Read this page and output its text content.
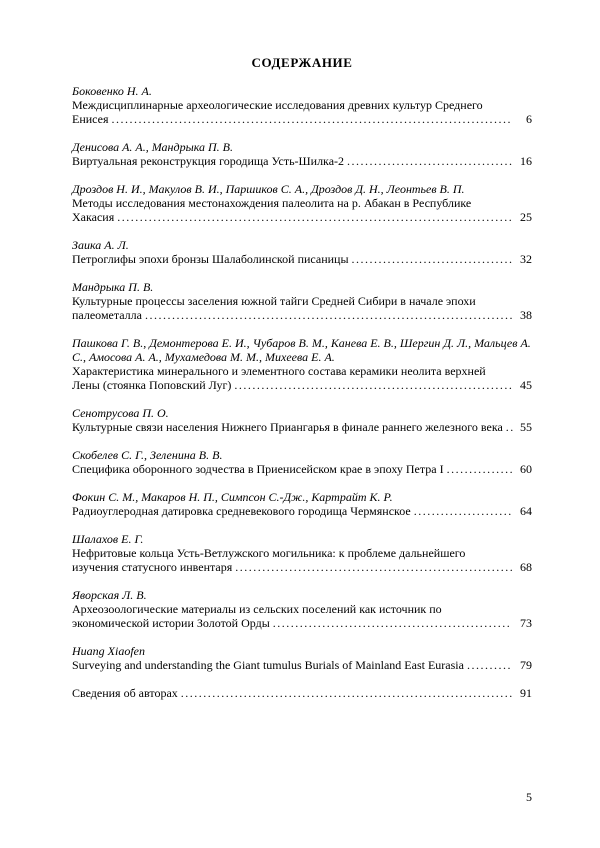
СОДЕРЖАНИЕ

Боковенко Н. А.

Междисциплинарные археологические исследования древних культур Среднего Енисея ......................................................................................... 6

Денисова А. А., Мандрыка П. В.

Виртуальная реконструкция городища Усть-Шилка-2 ..................................... 16

Дроздов Н. И., Макулов В. И., Паршиков С. А., Дроздов Д. Н., Леонтьев В. П.

Методы исследования местонахождения палеолита на р. Абакан в Республике Хакасия ........................................................................................ 25

Заика А. Л.

Петроглифы эпохи бронзы Шалаболинской писаницы .................................... 32

Мандрыка П. В.

Культурные процессы заселения южной тайги Средней Сибири в начале эпохи палеометалла .................................................................................. 38

Пашкова Г. В., Демонтерова Е. И., Чубаров В. М., Канева Е. В., Шергин Д. Л., Мальцев А. С., Амосова А. А., Мухамедова М. М., Михеева Е. А.

Характеристика минерального и элементного состава керамики неолита верхней Лены (стоянка Поповский Луг) .............................................................. 45

Сенотрусова П. О.

Культурные связи населения Нижнего Приангарья в финале раннего железного века .. 55

Скобелев С. Г., Зеленина В. В.

Специфика оборонного зодчества в Приенисейском крае в эпоху Петра I ............... 60

Фокин С. М., Макаров Н. П., Симпсон С.-Дж., Картрайт К. Р.

Радиоуглеродная датировка средневекового городища Чермянское ...................... 64

Шалахов Е. Г.

Нефритовые кольца Усть-Ветлужского могильника: к проблеме дальнейшего изучения статусного инвентаря .............................................................. 68

Яворская Л. В.

Археозоологические материалы из сельских поселений как источник по экономической истории Золотой Орды ..................................................... 73

Huang Xiaofen

Surveying and understanding the Giant tumulus Burials of Mainland East Eurasia .......... 79

Сведения об авторах .......................................................................... 91

5
